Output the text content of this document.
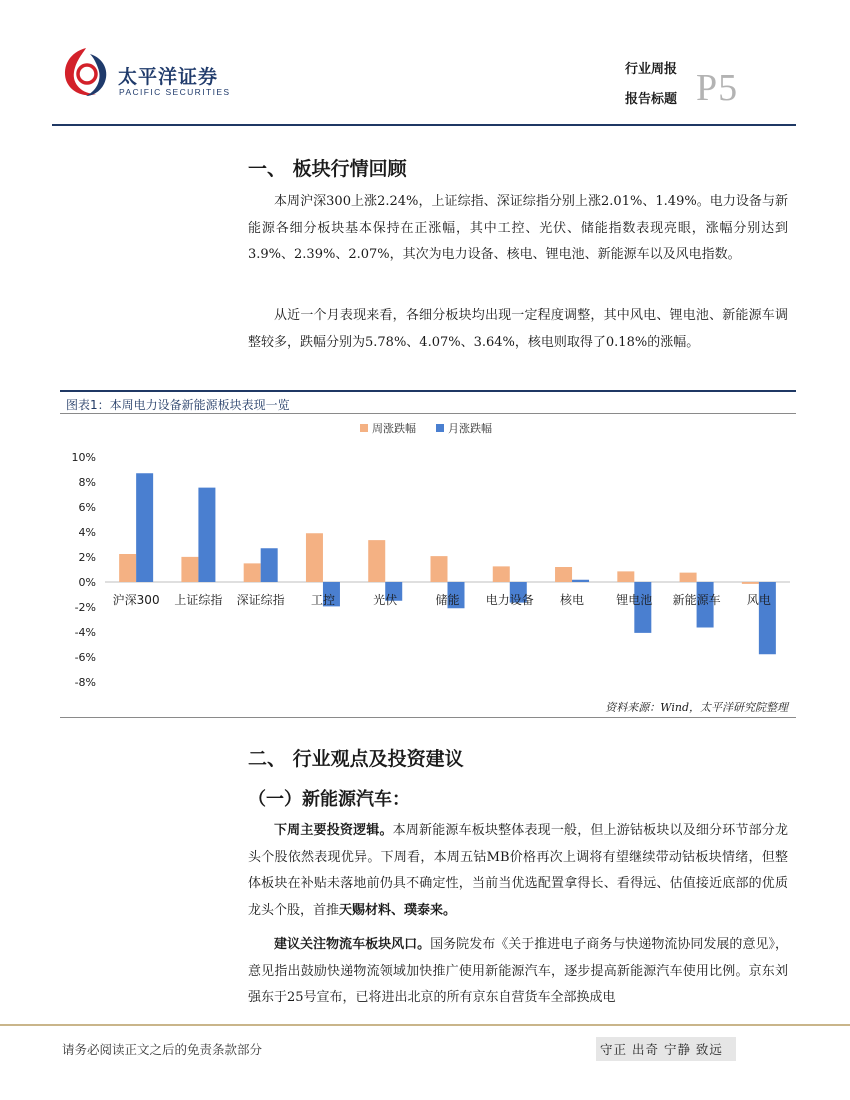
太平洋证券
PACIFIC SECURITIES
行业周报
报告标题 P5
一、 板块行情回顾

本周沪深300上涨2.24%，上证综指、深证综指分别上涨2.01%、1.49%。电力设备与新能源各细分板块基本保持在正涨幅，其中工控、光伏、储能指数表现亮眼，涨幅分别达到3.9%、2.39%、2.07%，其次为电力设备、核电、锂电池、新能源车以及风电指数。

从近一个月表现来看，各细分板块均出现一定程度调整，其中风电、锂电池、新能源车调整较多，跌幅分别为5.78%、4.07%、3.64%，核电则取得了0.18%的涨幅。

图表1：本周电力设备新能源板块表现一览
10%
8%
6%
4%
2%
0%
-2%
-4%
-6%
-8%
沪深300 上证综指 深证综指 工控	光伏	储能 电力设备 核电	锂电池 新能源车 风电
周涨跌幅	月涨跌幅
资料来源：Wind，太平洋研究院整理
二、 行业观点及投资建议
（一）新能源汽车：

下周主要投资逻辑。本周新能源车板块整体表现一般，但上游钴板块以及细分环节部分龙头个股依然表现优异。下周看，本周五钴MB价格再次上调将有望继续带动钴板块情绪，但整体板块在补贴未落地前仍具不确定性，当前当优选配置拿得长、看得远、估值接近底部的优质龙头个股，首推天赐材料、璞泰来。

建议关注物流车板块风口。国务院发布《关于推进电子商务与快递物流协同发展的意见》，意见指出鼓励快递物流领域加快推广使用新能源汽车，逐步提高新能源汽车使用比例。京东刘强东于25号宣布，已将进出北京的所有京东自营货车全部换成电

请务必阅读正文之后的免责条款部分	守正 出奇 宁静 致远
